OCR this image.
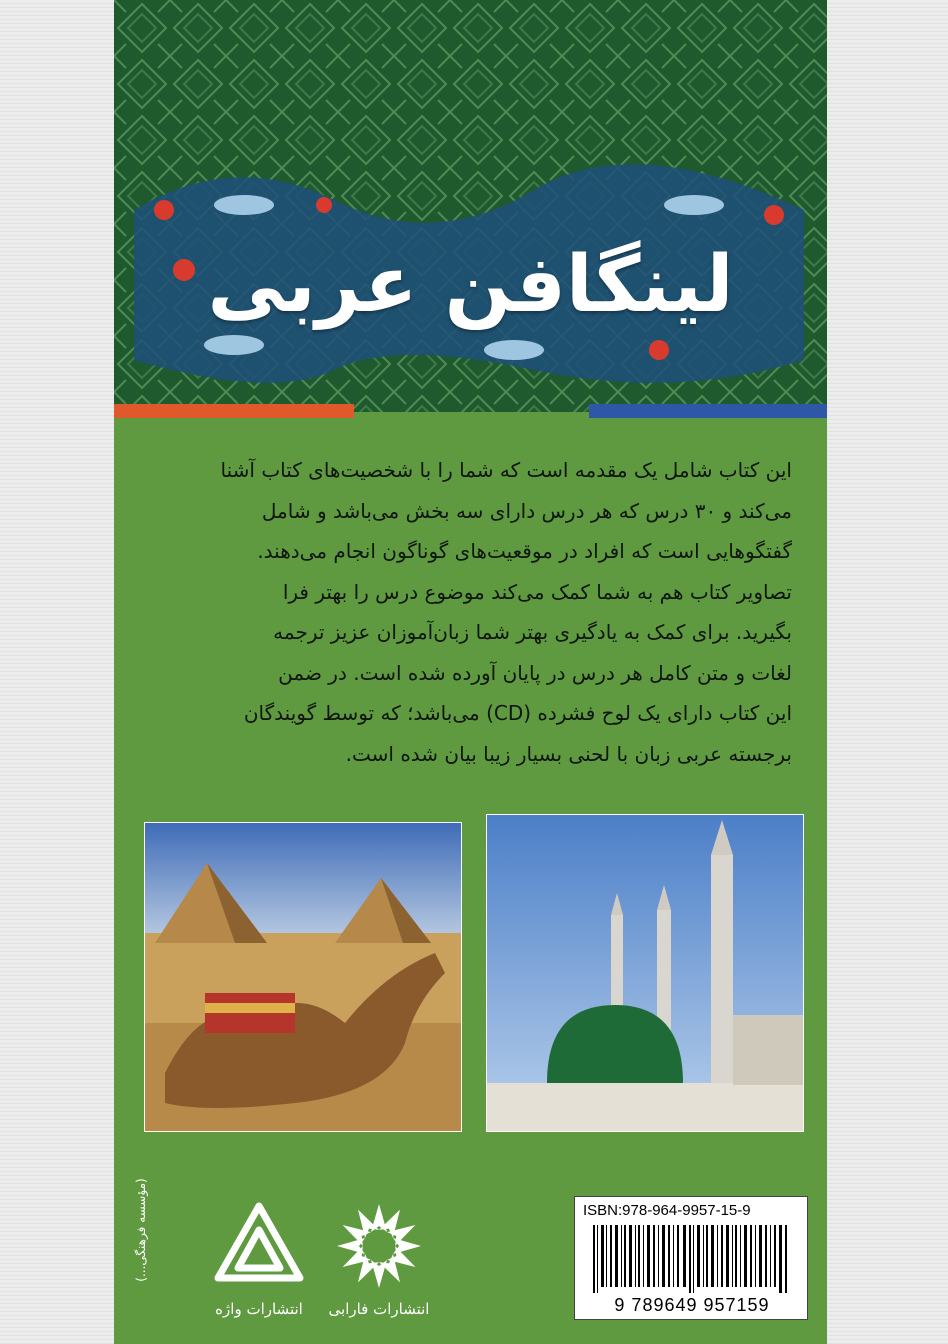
لینگافن عربی
این کتاب شامل یک مقدمه است که شما را با شخصیت‌های کتاب آشنا
می‌کند و ۳۰ درس که هر درس دارای سه بخش می‌باشد و شامل
گفتگوهایی است که افراد در موقعیت‌های گوناگون انجام می‌دهند.
تصاویر کتاب هم به شما کمک می‌کند موضوع درس را بهتر فرا
بگیرید. برای کمک به یادگیری بهتر شما زبان‌آموزان عزیز ترجمه
لغات و متن کامل هر درس در پایان آورده شده است. در ضمن
این کتاب دارای یک لوح فشرده (CD) می‌باشد؛ که توسط گویندگان
برجسته عربی زبان با لحنی بسیار زیبا بیان شده است.
ISBN:978-964-9957-15-9
9 789649 957159
انتشارات فارابی
انتشارات واژه
(مؤسسه فرهنگی...)
